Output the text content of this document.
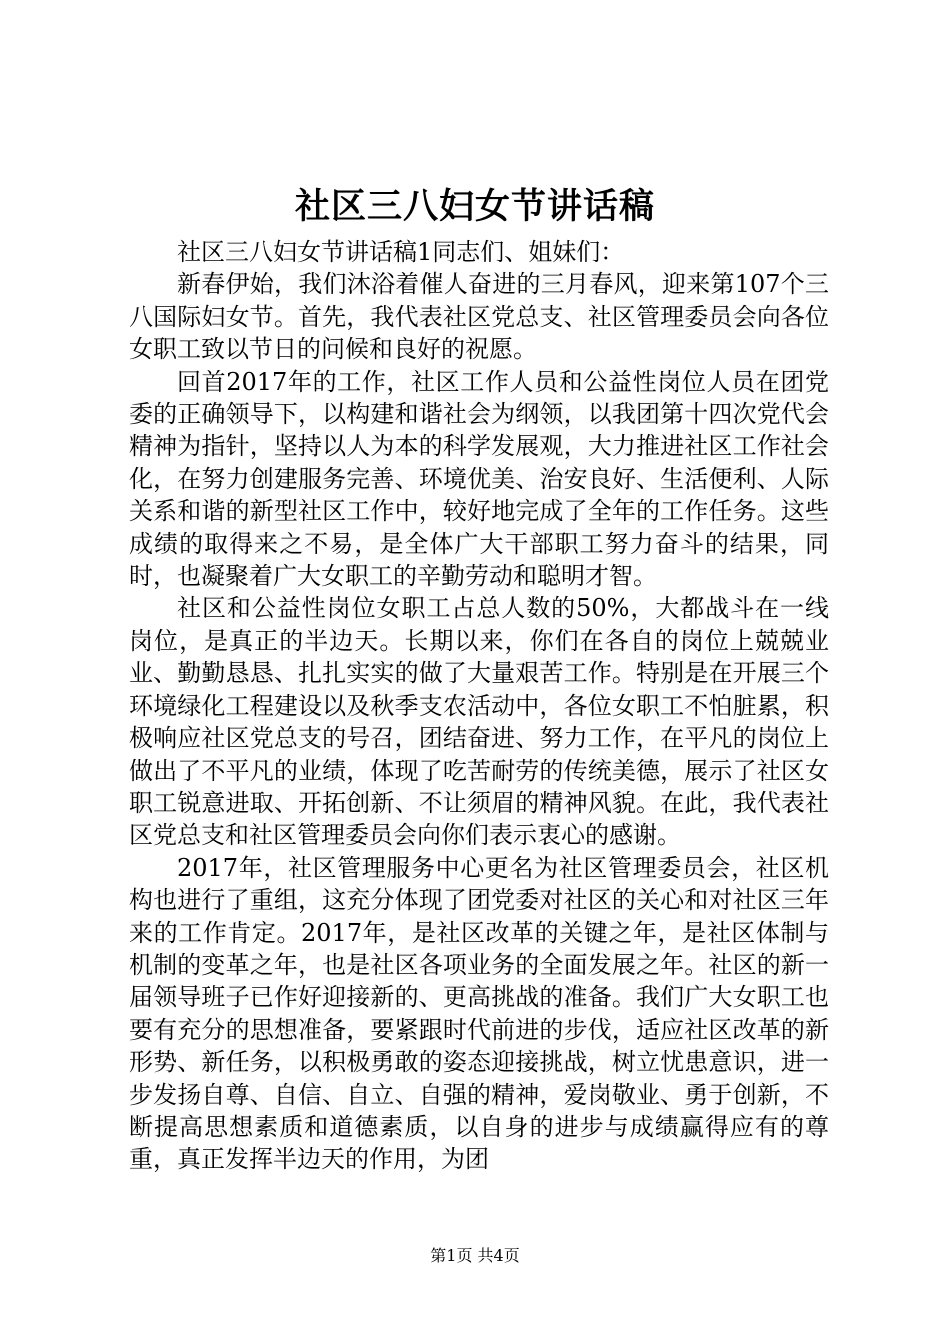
社区三八妇女节讲话稿

社区三八妇女节讲话稿1同志们、姐妹们：

新春伊始，我们沐浴着催人奋进的三月春风，迎来第107个三八国际妇女节。首先，我代表社区党总支、社区管理委员会向各位女职工致以节日的问候和良好的祝愿。

回首2017年的工作，社区工作人员和公益性岗位人员在团党委的正确领导下，以构建和谐社会为纲领，以我团第十四次党代会精神为指针，坚持以人为本的科学发展观，大力推进社区工作社会化，在努力创建服务完善、环境优美、治安良好、生活便利、人际关系和谐的新型社区工作中，较好地完成了全年的工作任务。这些成绩的取得来之不易，是全体广大干部职工努力奋斗的结果，同时，也凝聚着广大女职工的辛勤劳动和聪明才智。

社区和公益性岗位女职工占总人数的50%，大都战斗在一线岗位，是真正的半边天。长期以来，你们在各自的岗位上兢兢业业、勤勤恳恳、扎扎实实的做了大量艰苦工作。特别是在开展三个环境绿化工程建设以及秋季支农活动中，各位女职工不怕脏累，积极响应社区党总支的号召，团结奋进、努力工作，在平凡的岗位上做出了不平凡的业绩，体现了吃苦耐劳的传统美德，展示了社区女职工锐意进取、开拓创新、不让须眉的精神风貌。在此，我代表社区党总支和社区管理委员会向你们表示衷心的感谢。

2017年，社区管理服务中心更名为社区管理委员会，社区机构也进行了重组，这充分体现了团党委对社区的关心和对社区三年来的工作肯定。2017年，是社区改革的关键之年，是社区体制与机制的变革之年，也是社区各项业务的全面发展之年。社区的新一届领导班子已作好迎接新的、更高挑战的准备。我们广大女职工也要有充分的思想准备，要紧跟时代前进的步伐，适应社区改革的新形势、新任务，以积极勇敢的姿态迎接挑战，树立忧患意识，进一步发扬自尊、自信、自立、自强的精神，爱岗敬业、勇于创新，不断提高思想素质和道德素质，以自身的进步与成绩赢得应有的尊重，真正发挥半边天的作用，为团

第1页 共4页
